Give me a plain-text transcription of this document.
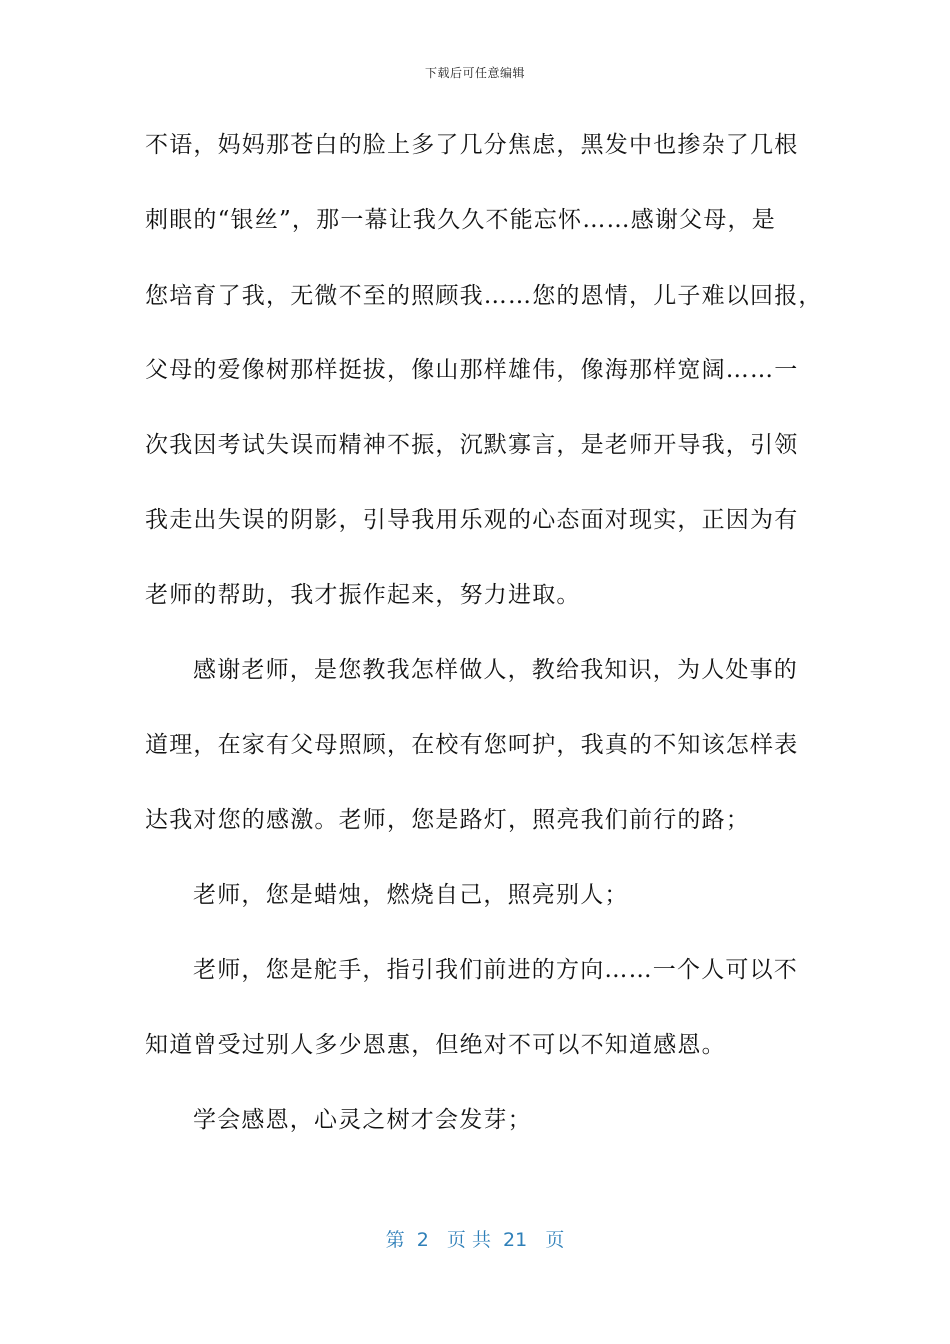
下载后可任意编辑
不语，妈妈那苍白的脸上多了几分焦虑，黑发中也掺杂了几根
刺眼的“银丝”，那一幕让我久久不能忘怀……感谢父母，是
您培育了我，无微不至的照顾我……您的恩情，儿子难以回报，
父母的爱像树那样挺拔，像山那样雄伟，像海那样宽阔……一
次我因考试失误而精神不振，沉默寡言，是老师开导我，引领
我走出失误的阴影，引导我用乐观的心态面对现实，正因为有
老师的帮助，我才振作起来，努力进取。
感谢老师，是您教我怎样做人，教给我知识，为人处事的
道理，在家有父母照顾，在校有您呵护，我真的不知该怎样表
达我对您的感激。老师，您是路灯，照亮我们前行的路；
老师，您是蜡烛，燃烧自己，照亮别人；
老师，您是舵手，指引我们前进的方向……一个人可以不
知道曾受过别人多少恩惠，但绝对不可以不知道感恩。
学会感恩，心灵之树才会发芽；
第  2   页 共  21   页
